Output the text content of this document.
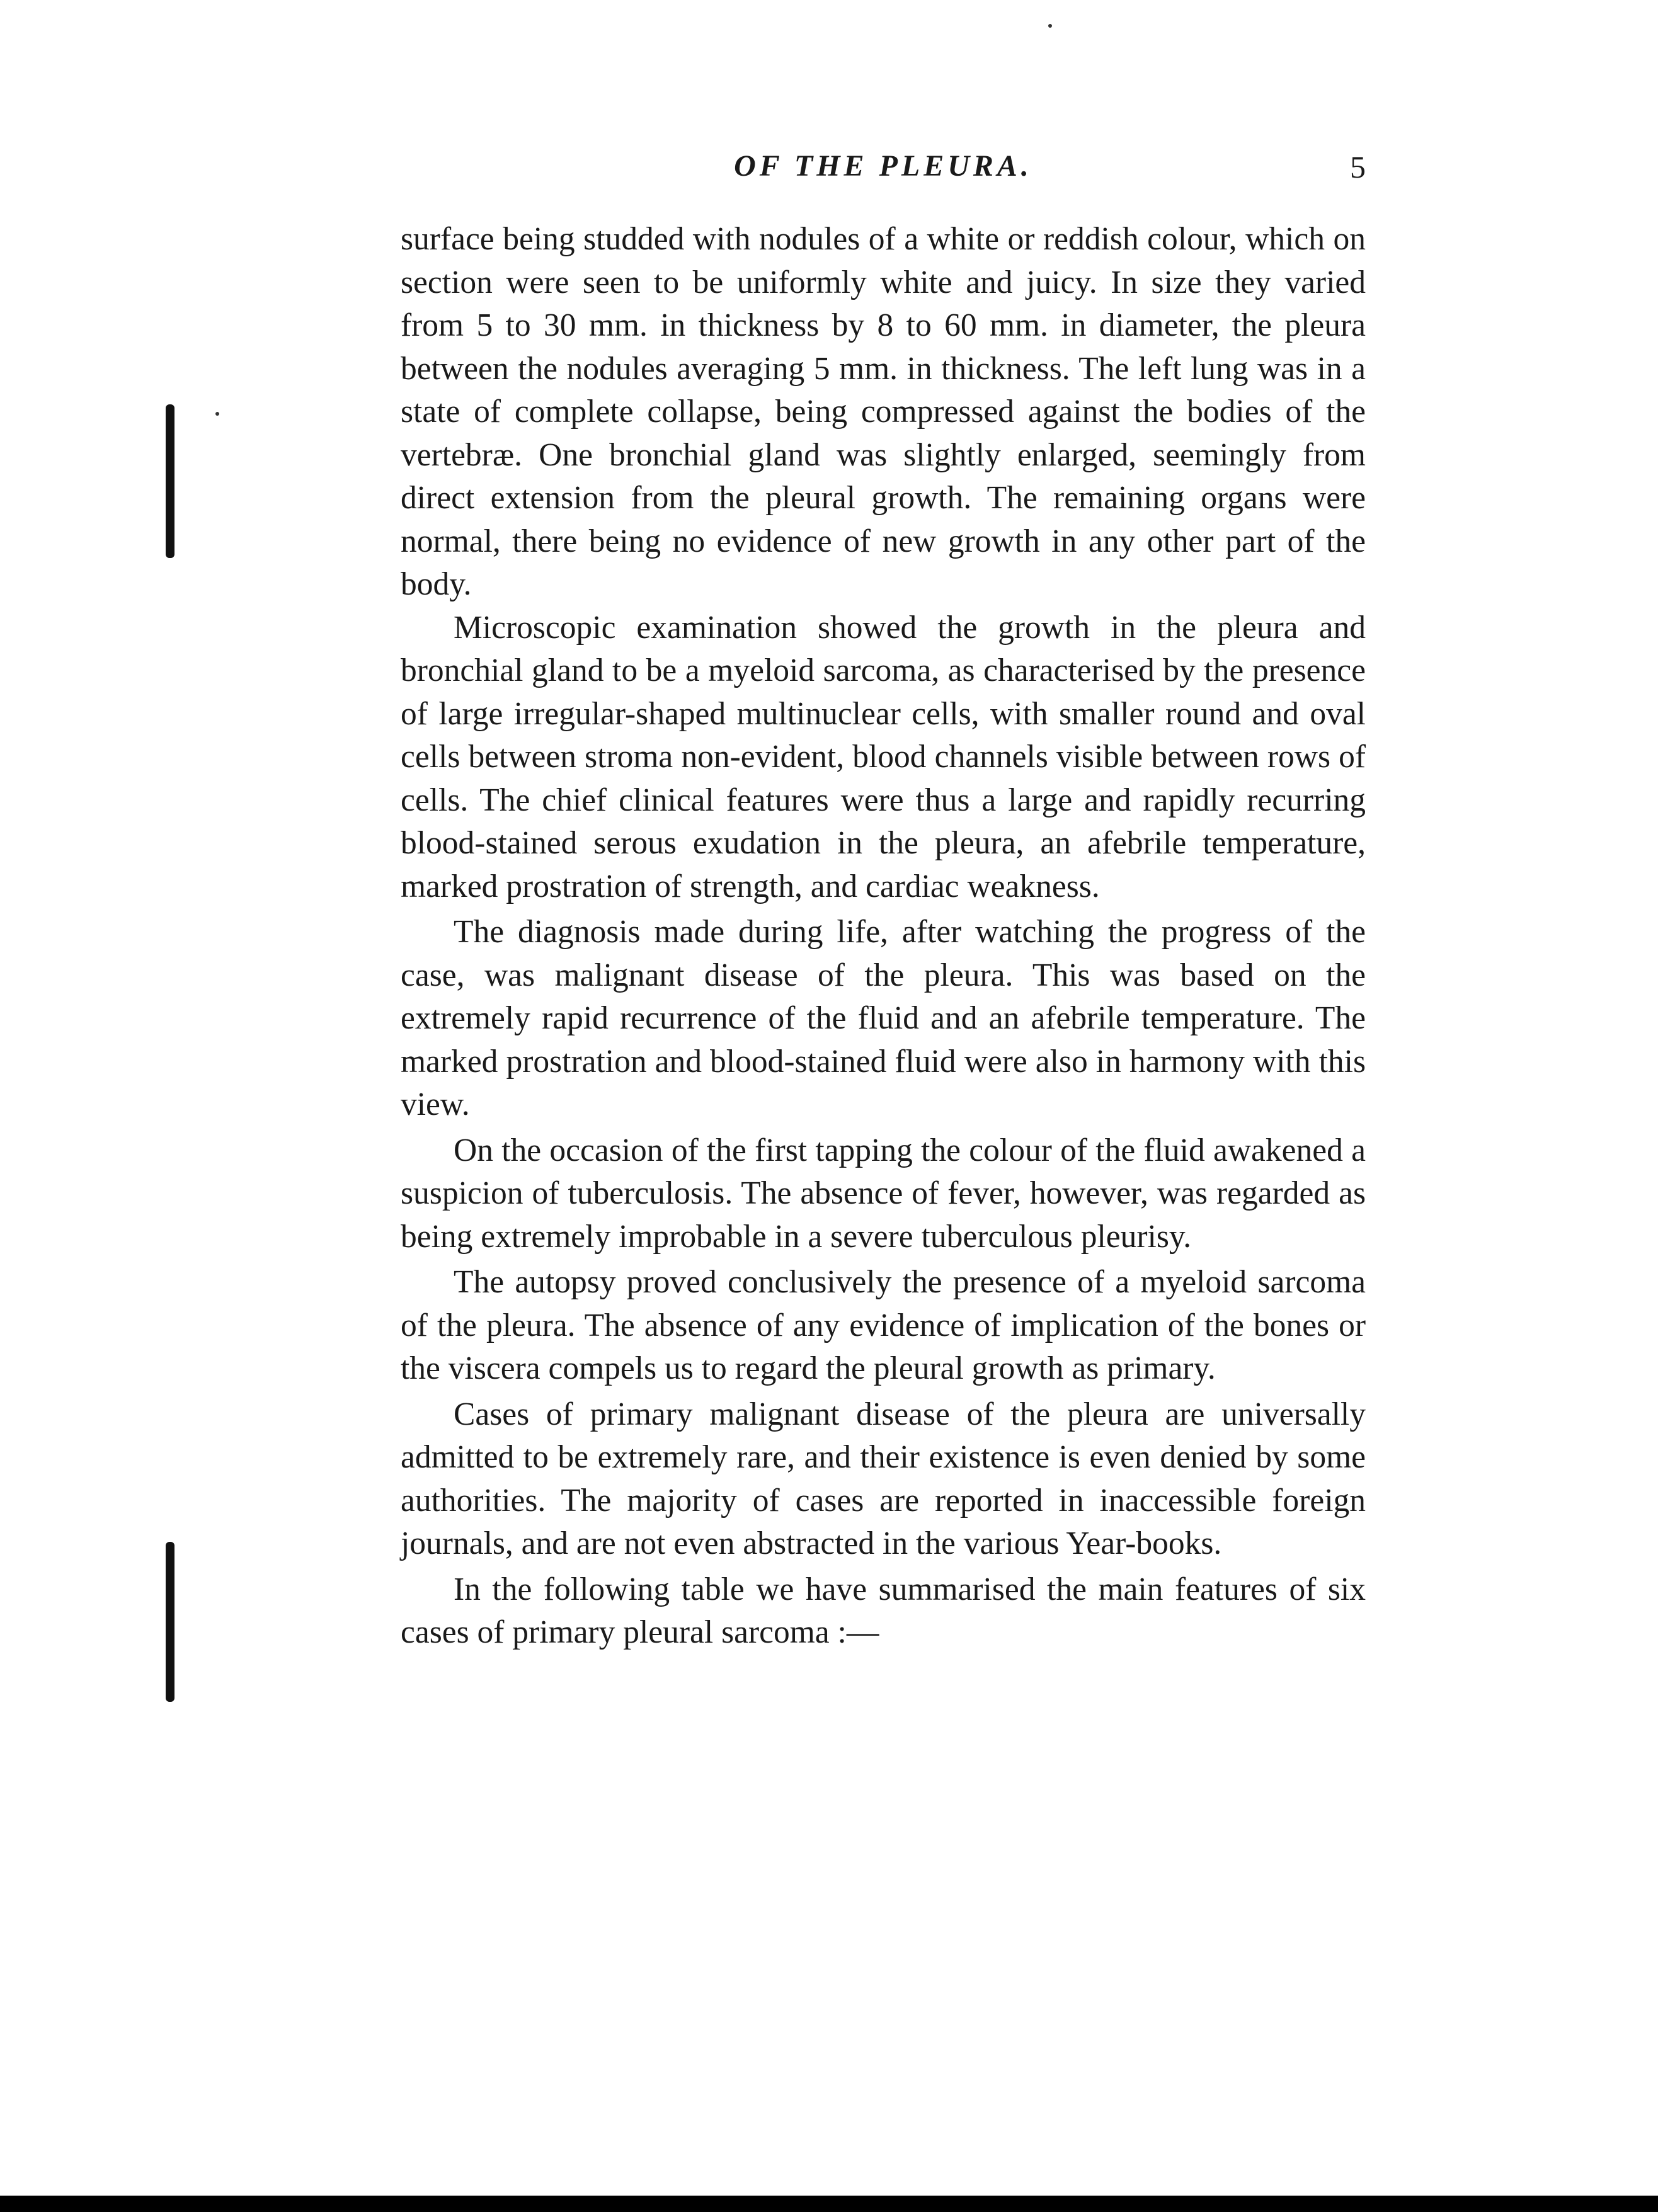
OF THE PLEURA.	5

surface being studded with nodules of a white or reddish colour, which on section were seen to be uniformly white and juicy. In size they varied from 5 to 30 mm. in thickness by 8 to 60 mm. in diameter, the pleura between the nodules averaging 5 mm. in thickness. The left lung was in a state of complete collapse, being compressed against the bodies of the vertebræ. One bronchial gland was slightly enlarged, seemingly from direct extension from the pleural growth. The remaining organs were normal, there being no evidence of new growth in any other part of the body.

Microscopic examination showed the growth in the pleura and bronchial gland to be a myeloid sarcoma, as characterised by the presence of large irregular-shaped multinuclear cells, with smaller round and oval cells between stroma non-evident, blood channels visible between rows of cells. The chief clinical features were thus a large and rapidly recurring blood-stained serous exudation in the pleura, an afebrile temperature, marked prostration of strength, and cardiac weakness.

The diagnosis made during life, after watching the progress of the case, was malignant disease of the pleura. This was based on the extremely rapid recurrence of the fluid and an afebrile temperature. The marked prostration and blood-stained fluid were also in harmony with this view.

On the occasion of the first tapping the colour of the fluid awakened a suspicion of tuberculosis. The absence of fever, however, was regarded as being extremely improbable in a severe tuberculous pleurisy.

The autopsy proved conclusively the presence of a myeloid sarcoma of the pleura. The absence of any evidence of implication of the bones or the viscera compels us to regard the pleural growth as primary.

Cases of primary malignant disease of the pleura are universally admitted to be extremely rare, and their existence is even denied by some authorities. The majority of cases are reported in inaccessible foreign journals, and are not even abstracted in the various Year-books.

In the following table we have summarised the main features of six cases of primary pleural sarcoma :—
